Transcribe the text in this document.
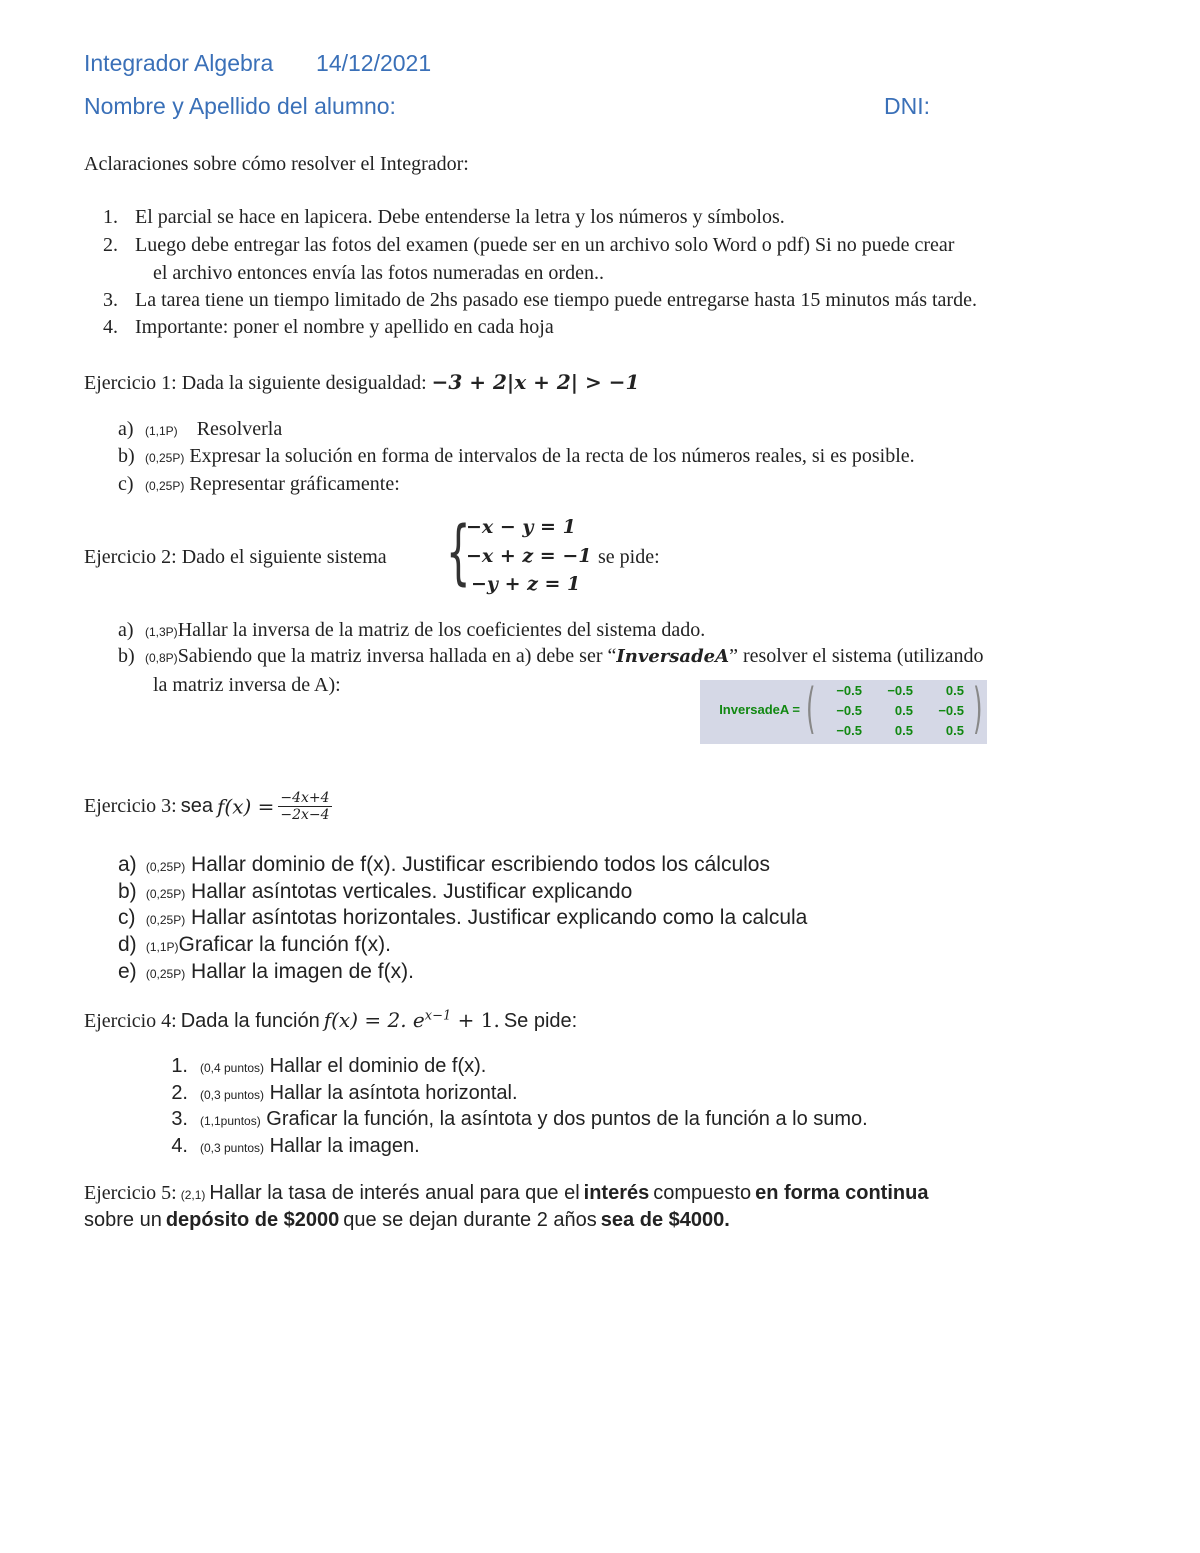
Integrador Algebra 14/12/2021
Nombre y Apellido del alumno:	DNI:
Aclaraciones sobre cómo resolver el Integrador:
1. El parcial se hace en lapicera. Debe entenderse la letra y los números y símbolos.
2. Luego debe entregar las fotos del examen (puede ser en un archivo solo Word o pdf) Si no puede crear
el archivo entonces envía las fotos numeradas en orden..
3. La tarea tiene un tiempo limitado de 2hs pasado ese tiempo puede entregarse hasta 15 minutos más tarde.
4. Importante: poner el nombre y apellido en cada hoja
Ejercicio 1: Dada la siguiente desigualdad: −3 + 2|x + 2| > −1
a) (1,1P) Resolverla
b) (0,25P) Expresar la solución en forma de intervalos de la recta de los números reales, si es posible.
c) (0,25P) Representar gráficamente:
Ejercicio 2: Dado el siguiente sistema {
−x − y = 1
−x + z = −1
−y + z = 1
se pide:
a) (1,3P)Hallar la inversa de la matriz de los coeficientes del sistema dado.
b) (0,8P)Sabiendo que la matriz inversa hallada en a) debe ser “InversadeA” resolver el sistema (utilizando
la matriz inversa de A):
InversadeA = (	)
−0.5	−0.5	0.5
−0.5	0.5	−0.5
−0.5	0.5	0.5
Ejercicio 3: sea $f(x) = \frac{-4x+4}{-2x-4}$
a) (0,25P) Hallar dominio de f(x). Justificar escribiendo todos los cálculos
b) (0,25P) Hallar asíntotas verticales. Justificar explicando
c) (0,25P) Hallar asíntotas horizontales. Justificar explicando como la calcula
d) (1,1P)Graficar la función f(x).
e) (0,25P) Hallar la imagen de f(x).
Ejercicio 4: Dada la función f(x) = 2. $e^{x-1} + 1$. Se pide:
1. (0,4 puntos) Hallar el dominio de f(x).
2. (0,3 puntos) Hallar la asíntota horizontal.
3. (1,1puntos) Graficar la función, la asíntota y dos puntos de la función a lo sumo.
4. (0,3 puntos) Hallar la imagen.
Ejercicio 5: (2,1) Hallar la tasa de interés anual para que el interés compuesto en forma continua
sobre un depósito de $2000 que se dejan durante 2 años sea de $4000.
